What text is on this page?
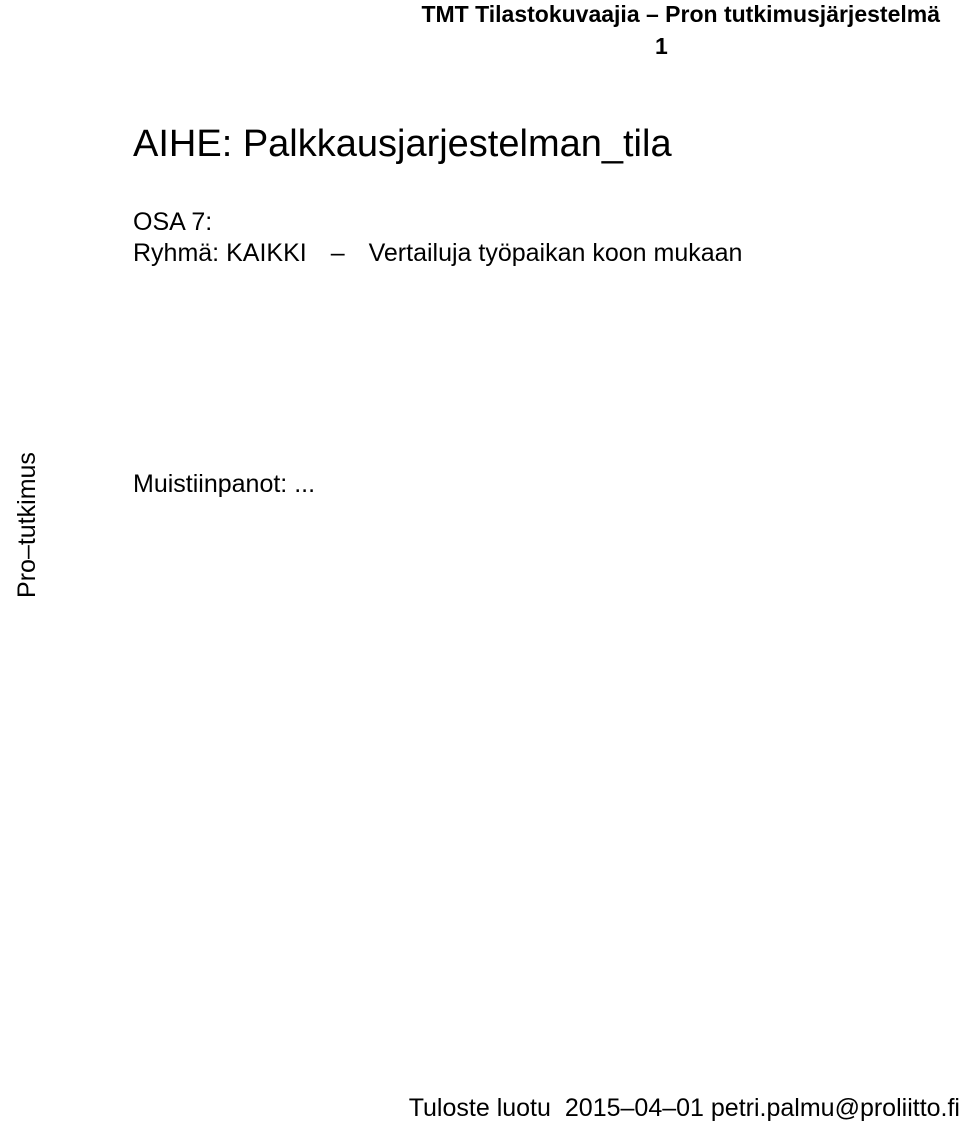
TMT Tilastokuvaajia – Pron tutkimusjärjestelmä
1
AIHE: Palkkausjarjestelman_tila
OSA 7:
Ryhmä: KAIKKI – Vertailuja työpaikan koon mukaan
Muistiinpanot: ...
Pro–tutkimus
Tuloste luotu 2015–04–01 petri.palmu@proliitto.fi
